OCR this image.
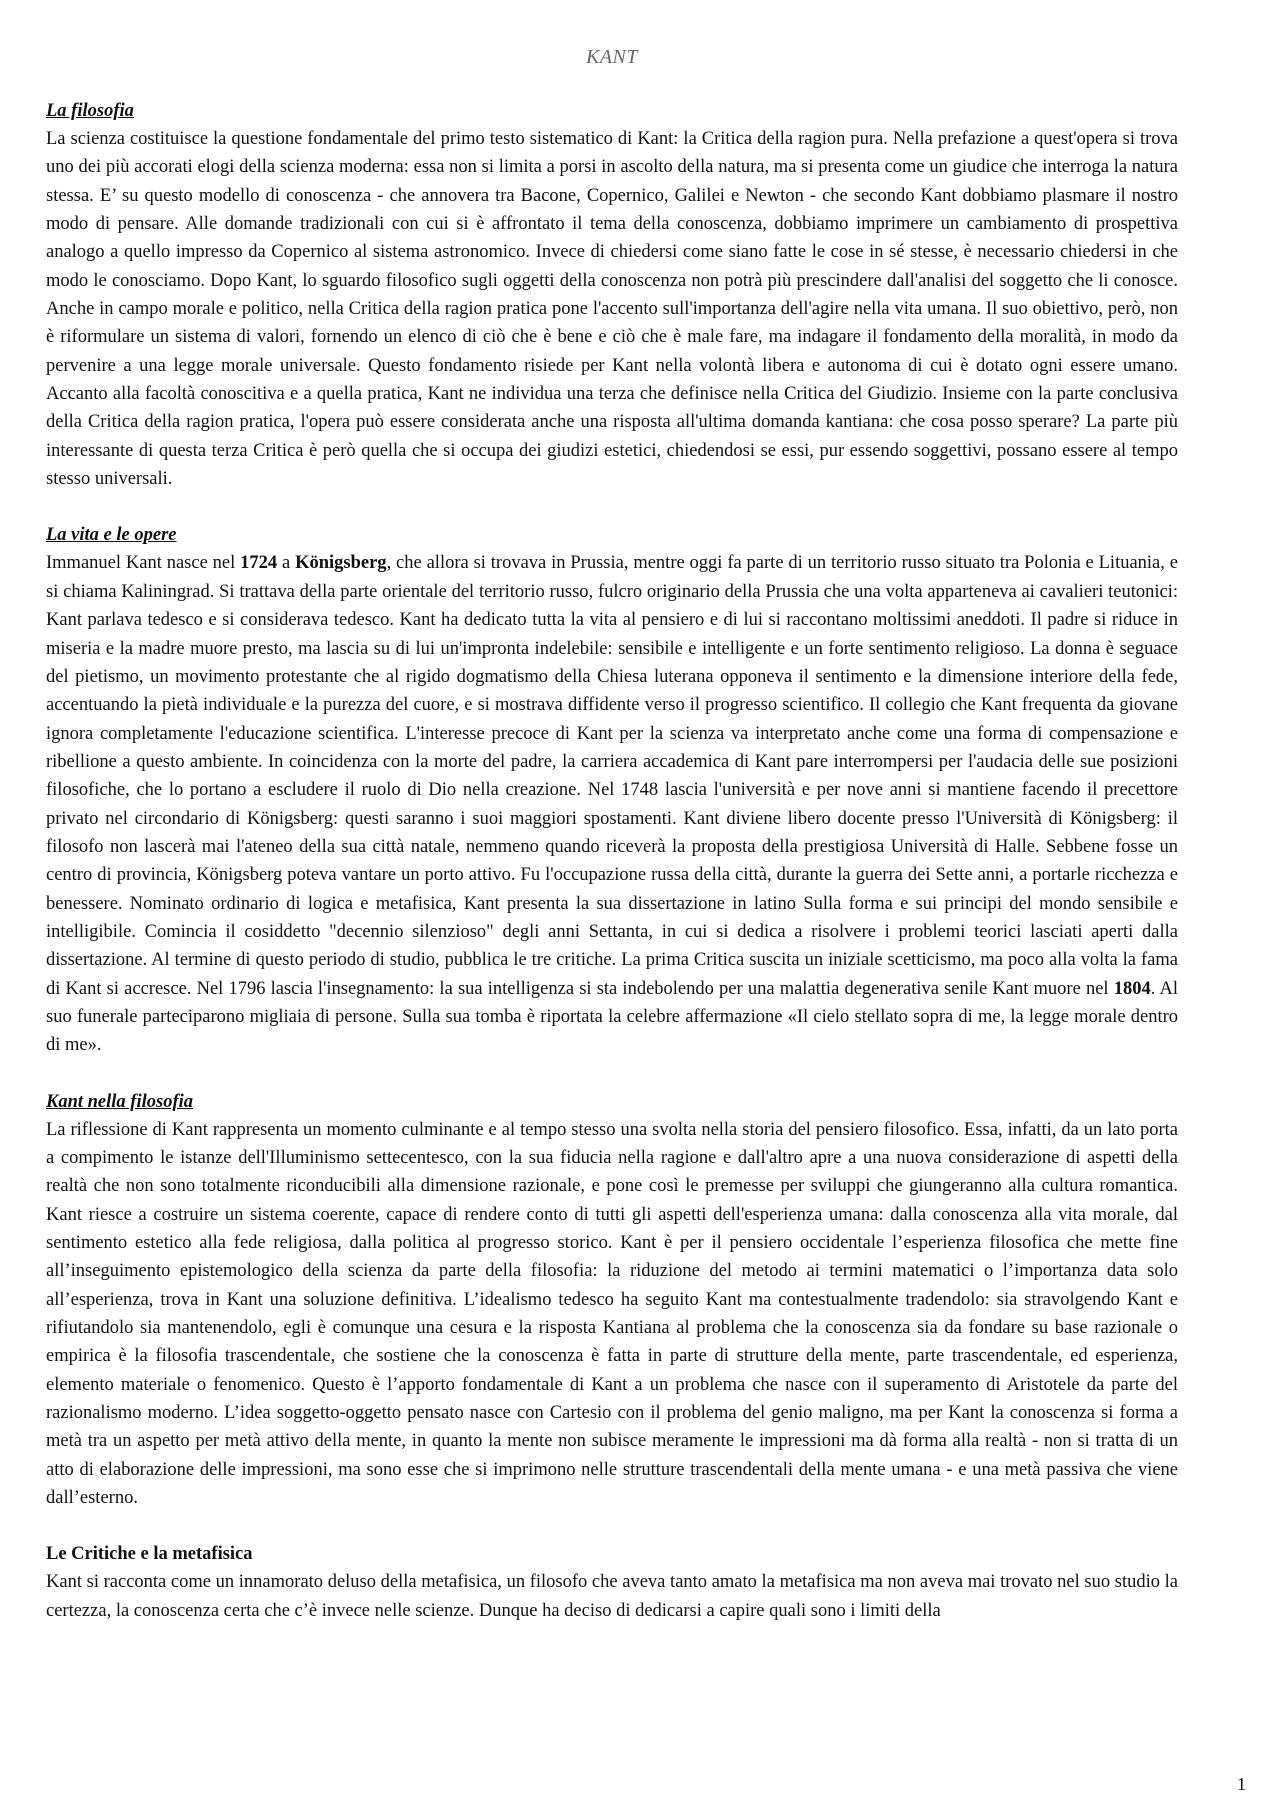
KANT
La filosofia

La scienza costituisce la questione fondamentale del primo testo sistematico di Kant: la Critica della ragion pura. Nella prefazione a quest'opera si trova uno dei più accorati elogi della scienza moderna: essa non si limita a porsi in ascolto della natura, ma si presenta come un giudice che interroga la natura stessa. E’ su questo modello di conoscenza - che annovera tra Bacone, Copernico, Galilei e Newton - che secondo Kant dobbiamo plasmare il nostro modo di pensare. Alle domande tradizionali con cui si è affrontato il tema della conoscenza, dobbiamo imprimere un cambiamento di prospettiva analogo a quello impresso da Copernico al sistema astronomico. Invece di chiedersi come siano fatte le cose in sé stesse, è necessario chiedersi in che modo le conosciamo. Dopo Kant, lo sguardo filosofico sugli oggetti della conoscenza non potrà più prescindere dall'analisi del soggetto che li conosce. Anche in campo morale e politico, nella Critica della ragion pratica pone l'accento sull'importanza dell'agire nella vita umana. Il suo obiettivo, però, non è riformulare un sistema di valori, fornendo un elenco di ciò che è bene e ciò che è male fare, ma indagare il fondamento della moralità, in modo da pervenire a una legge morale universale. Questo fondamento risiede per Kant nella volontà libera e autonoma di cui è dotato ogni essere umano. Accanto alla facoltà conoscitiva e a quella pratica, Kant ne individua una terza che definisce nella Critica del Giudizio. Insieme con la parte conclusiva della Critica della ragion pratica, l'opera può essere considerata anche una risposta all'ultima domanda kantiana: che cosa posso sperare? La parte più interessante di questa terza Critica è però quella che si occupa dei giudizi estetici, chiedendosi se essi, pur essendo soggettivi, possano essere al tempo stesso universali.

La vita e le opere

Immanuel Kant nasce nel 1724 a Königsberg, che allora si trovava in Prussia, mentre oggi fa parte di un territorio russo situato tra Polonia e Lituania, e si chiama Kaliningrad. Si trattava della parte orientale del territorio russo, fulcro originario della Prussia che una volta apparteneva ai cavalieri teutonici: Kant parlava tedesco e si considerava tedesco. Kant ha dedicato tutta la vita al pensiero e di lui si raccontano moltissimi aneddoti. Il padre si riduce in miseria e la madre muore presto, ma lascia su di lui un'impronta indelebile: sensibile e intelligente e un forte sentimento religioso. La donna è seguace del pietismo, un movimento protestante che al rigido dogmatismo della Chiesa luterana opponeva il sentimento e la dimensione interiore della fede, accentuando la pietà individuale e la purezza del cuore, e si mostrava diffidente verso il progresso scientifico. Il collegio che Kant frequenta da giovane ignora completamente l'educazione scientifica. L'interesse precoce di Kant per la scienza va interpretato anche come una forma di compensazione e ribellione a questo ambiente. In coincidenza con la morte del padre, la carriera accademica di Kant pare interrompersi per l'audacia delle sue posizioni filosofiche, che lo portano a escludere il ruolo di Dio nella creazione. Nel 1748 lascia l'università e per nove anni si mantiene facendo il precettore privato nel circondario di Königsberg: questi saranno i suoi maggiori spostamenti. Kant diviene libero docente presso l'Università di Königsberg: il filosofo non lascerà mai l'ateneo della sua città natale, nemmeno quando riceverà la proposta della prestigiosa Università di Halle. Sebbene fosse un centro di provincia, Königsberg poteva vantare un porto attivo. Fu l'occupazione russa della città, durante la guerra dei Sette anni, a portarle ricchezza e benessere. Nominato ordinario di logica e metafisica, Kant presenta la sua dissertazione in latino Sulla forma e sui principi del mondo sensibile e intelligibile. Comincia il cosiddetto "decennio silenzioso" degli anni Settanta, in cui si dedica a risolvere i problemi teorici lasciati aperti dalla dissertazione. Al termine di questo periodo di studio, pubblica le tre critiche. La prima Critica suscita un iniziale scetticismo, ma poco alla volta la fama di Kant si accresce. Nel 1796 lascia l'insegnamento: la sua intelligenza si sta indebolendo per una malattia degenerativa senile Kant muore nel 1804. Al suo funerale parteciparono migliaia di persone. Sulla sua tomba è riportata la celebre affermazione «Il cielo stellato sopra di me, la legge morale dentro di me».

Kant nella filosofia

La riflessione di Kant rappresenta un momento culminante e al tempo stesso una svolta nella storia del pensiero filosofico. Essa, infatti, da un lato porta a compimento le istanze dell'Illuminismo settecentesco, con la sua fiducia nella ragione e dall'altro apre a una nuova considerazione di aspetti della realtà che non sono totalmente riconducibili alla dimensione razionale, e pone così le premesse per sviluppi che giungeranno alla cultura romantica. Kant riesce a costruire un sistema coerente, capace di rendere conto di tutti gli aspetti dell'esperienza umana: dalla conoscenza alla vita morale, dal sentimento estetico alla fede religiosa, dalla politica al progresso storico. Kant è per il pensiero occidentale l’esperienza filosofica che mette fine all’inseguimento epistemologico della scienza da parte della filosofia: la riduzione del metodo ai termini matematici o l’importanza data solo all’esperienza, trova in Kant una soluzione definitiva. L’idealismo tedesco ha seguito Kant ma contestualmente tradendolo: sia stravolgendo Kant e rifiutandolo sia mantenendolo, egli è comunque una cesura e la risposta Kantiana al problema che la conoscenza sia da fondare su base razionale o empirica è la filosofia trascendentale, che sostiene che la conoscenza è fatta in parte di strutture della mente, parte trascendentale, ed esperienza, elemento materiale o fenomenico. Questo è l’apporto fondamentale di Kant a un problema che nasce con il superamento di Aristotele da parte del razionalismo moderno. L’idea soggetto-oggetto pensato nasce con Cartesio con il problema del genio maligno, ma per Kant la conoscenza si forma a metà tra un aspetto per metà attivo della mente, in quanto la mente non subisce meramente le impressioni ma dà forma alla realtà - non si tratta di un atto di elaborazione delle impressioni, ma sono esse che si imprimono nelle strutture trascendentali della mente umana - e una metà passiva che viene dall’esterno.

Le Critiche e la metafisica

Kant si racconta come un innamorato deluso della metafisica, un filosofo che aveva tanto amato la metafisica ma non aveva mai trovato nel suo studio la certezza, la conoscenza certa che c’è invece nelle scienze. Dunque ha deciso di dedicarsi a capire quali sono i limiti della

1
